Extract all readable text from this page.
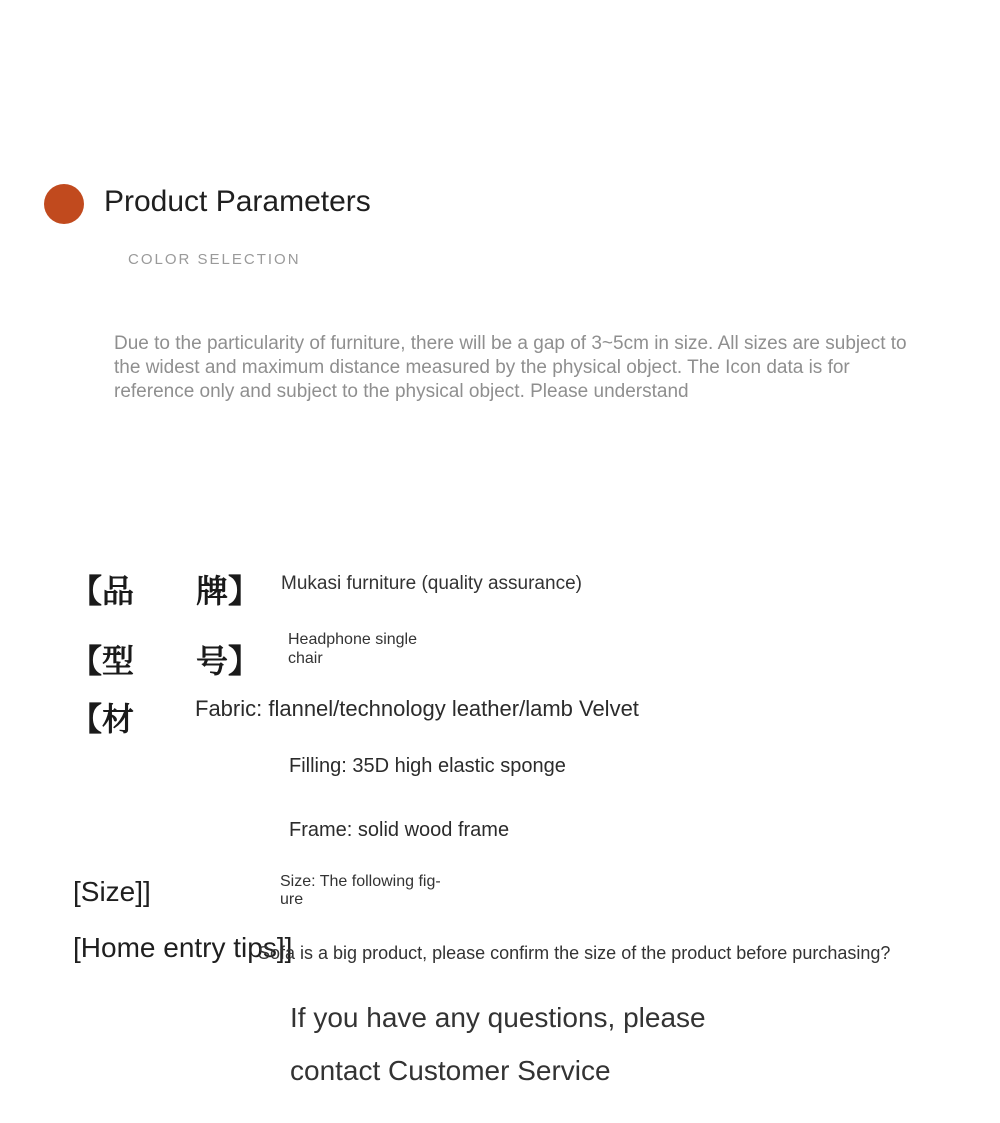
Product Parameters
COLOR SELECTION
Due to the particularity of furniture, there will be a gap of 3~5cm in size. All sizes are subject to the widest and maximum distance measured by the physical object. The Icon data is for reference only and subject to the physical object. Please understand
【品 牌】 Mukasi furniture (quality assurance)
【型 号】
Headphone single chair
【材	Fabric: flannel/technology leather/lamb Velvet
Filling: 35D high elastic sponge
Frame: solid wood frame
[Size]]	Size: The following fig-ure
[Home entry tips]]
Sofa is a big product, please confirm the size of the product before purchasing?
If you have any questions, please
contact Customer Service
